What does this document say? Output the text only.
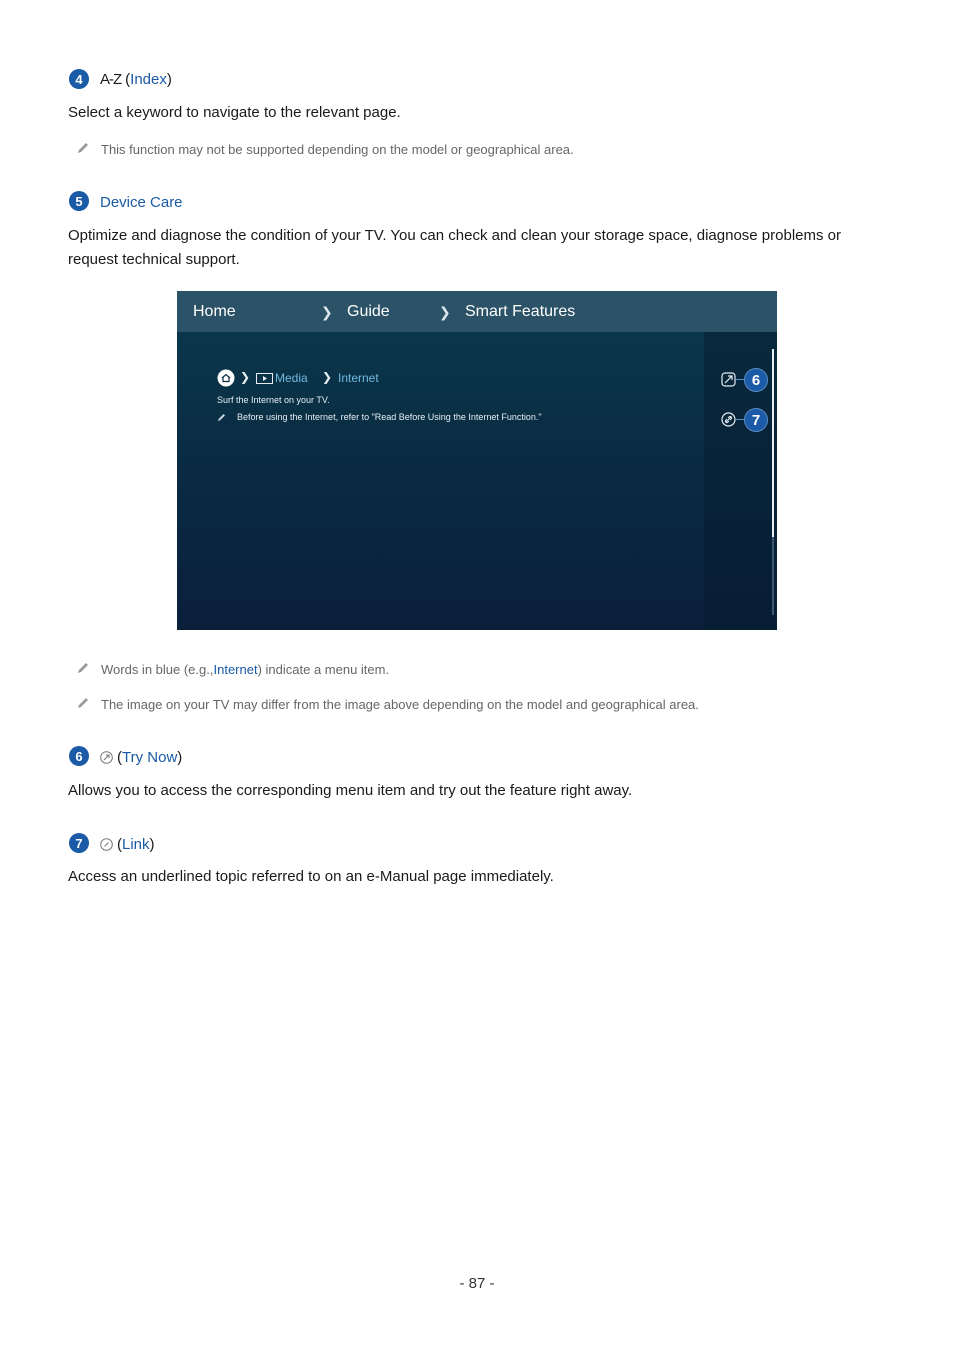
4	A-Z (Index)
Select a keyword to navigate to the relevant page.
This function may not be supported depending on the model or geographical area.
5	Device Care
Optimize and diagnose the condition of your TV. You can check and clean your storage space, diagnose problems or
request technical support.
Home	❯ Guide	❯ Smart Features
❯ Media ❯ Internet
Surf the Internet on your TV.
Before using the Internet, refer to "Read Before Using the Internet Function."
6
7
Words in blue (e.g., Internet ) indicate a menu item.
The image on your TV may differ from the image above depending on the model and geographical area.
6	(Try Now)
Allows you to access the corresponding menu item and try out the feature right away.
7	(Link)
Access an underlined topic referred to on an e-Manual page immediately.
- 87 -
